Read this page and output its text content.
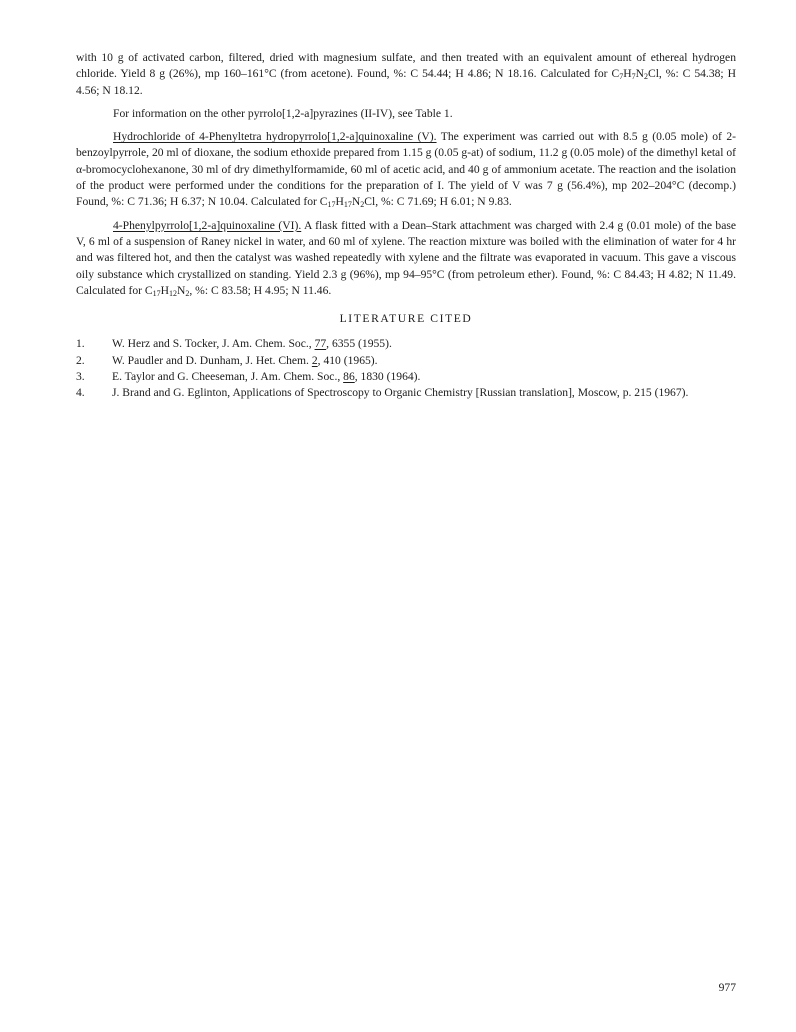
with 10 g of activated carbon, filtered, dried with magnesium sulfate, and then treated with an equivalent amount of ethereal hydrogen chloride. Yield 8 g (26%), mp 160–161°C (from acetone). Found, %: C 54.44; H 4.86; N 18.16. Calculated for $C_7H_7N_2Cl$, %: C 54.38; H 4.56; N 18.12.

For information on the other pyrrolo[1,2-a]pyrazines (II-IV), see Table 1.

Hydrochloride of 4-Phenyltetra hydropyrrolo[1,2-a]quinoxaline (V). The experiment was carried out with 8.5 g (0.05 mole) of 2-benzoylpyrrole, 20 ml of dioxane, the sodium ethoxide prepared from 1.15 g (0.05 g-at) of sodium, 11.2 g (0.05 mole) of the dimethyl ketal of α-bromocyclohexanone, 30 ml of dry dimethylformamide, 60 ml of acetic acid, and 40 g of ammonium acetate. The reaction and the isolation of the product were performed under the conditions for the preparation of I. The yield of V was 7 g (56.4%), mp 202–204°C (decomp.) Found, %: C 71.36; H 6.37; N 10.04. Calculated for $C_{17}H_{17}N_2Cl$, %: C 71.69; H 6.01; N 9.83.

4-Phenylpyrrolo[1,2-a]quinoxaline (VI). A flask fitted with a Dean–Stark attachment was charged with 2.4 g (0.01 mole) of the base V, 6 ml of a suspension of Raney nickel in water, and 60 ml of xylene. The reaction mixture was boiled with the elimination of water for 4 hr and was filtered hot, and then the catalyst was washed repeatedly with xylene and the filtrate was evaporated in vacuum. This gave a viscous oily substance which crystallized on standing. Yield 2.3 g (96%), mp 94–95°C (from petroleum ether). Found, %: C 84.43; H 4.82; N 11.49. Calculated for $C_{17}H_{12}N_2$, %: C 83.58; H 4.95; N 11.46.

LITERATURE CITED

1.	W. Herz and S. Tocker, J. Am. Chem. Soc., 77, 6355 (1955).
2.	W. Paudler and D. Dunham, J. Het. Chem. 2, 410 (1965).
3.	E. Taylor and G. Cheeseman, J. Am. Chem. Soc., 86, 1830 (1964).
4.	J. Brand and G. Eglinton, Applications of Spectroscopy to Organic Chemistry [Russian translation], Moscow, p. 215 (1967).
977
